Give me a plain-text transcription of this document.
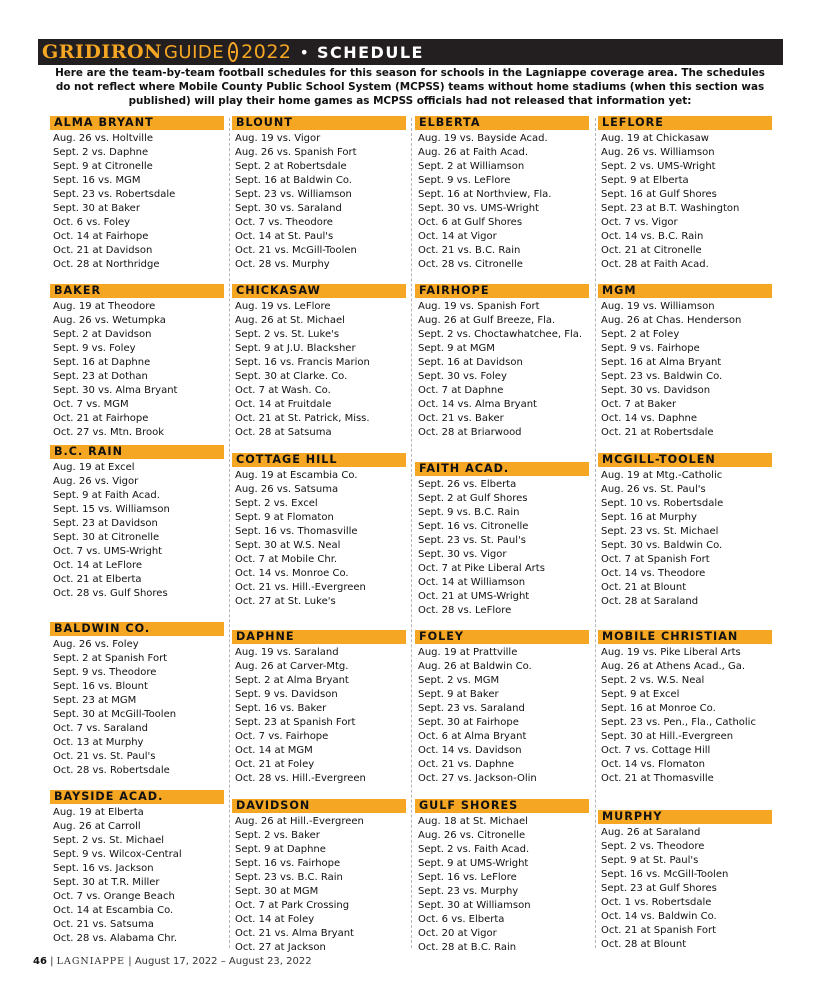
GRIDIRON GUIDE 2022 • SCHEDULE
Here are the team-by-team football schedules for this season for schools in the Lagniappe coverage area. The schedules do not reflect where Mobile County Public School System (MCPSS) teams without home stadiums (when this section was published) will play their home games as MCPSS officials had not released that information yet:
ALMA BRYANT
Aug. 26 vs. Holtville
Sept. 2 vs. Daphne
Sept. 9 at Citronelle
Sept. 16 vs. MGM
Sept. 23 vs. Robertsdale
Sept. 30 at Baker
Oct. 6 vs. Foley
Oct. 14 at Fairhope
Oct. 21 at Davidson
Oct. 28 at Northridge
BAKER
Aug. 19 at Theodore
Aug. 26 vs. Wetumpka
Sept. 2 at Davidson
Sept. 9 vs. Foley
Sept. 16 at Daphne
Sept. 23 at Dothan
Sept. 30 vs. Alma Bryant
Oct. 7 vs. MGM
Oct. 21 at Fairhope
Oct. 27 vs. Mtn. Brook
B.C. RAIN
Aug. 19 at Excel
Aug. 26 vs. Vigor
Sept. 9 at Faith Acad.
Sept. 15 vs. Williamson
Sept. 23 at Davidson
Sept. 30 at Citronelle
Oct. 7 vs. UMS-Wright
Oct. 14 at LeFlore
Oct. 21 at Elberta
Oct. 28 vs. Gulf Shores
BALDWIN CO.
Aug. 26 vs. Foley
Sept. 2 at Spanish Fort
Sept. 9 vs. Theodore
Sept. 16 vs. Blount
Sept. 23 at MGM
Sept. 30 at McGill-Toolen
Oct. 7 vs. Saraland
Oct. 13 at Murphy
Oct. 21 vs. St. Paul's
Oct. 28 vs. Robertsdale
BAYSIDE ACAD.
Aug. 19 at Elberta
Aug. 26 at Carroll
Sept. 2 vs. St. Michael
Sept. 9 vs. Wilcox-Central
Sept. 16 vs. Jackson
Sept. 30 at T.R. Miller
Oct. 7 vs. Orange Beach
Oct. 14 at Escambia Co.
Oct. 21 vs. Satsuma
Oct. 28 vs. Alabama Chr.
BLOUNT
Aug. 19 vs. Vigor
Aug. 26 vs. Spanish Fort
Sept. 2 at Robertsdale
Sept. 16 at Baldwin Co.
Sept. 23 vs. Williamson
Sept. 30 vs. Saraland
Oct. 7 vs. Theodore
Oct. 14 at St. Paul's
Oct. 21 vs. McGill-Toolen
Oct. 28 vs. Murphy
CHICKASAW
Aug. 19 vs. LeFlore
Aug. 26 at St. Michael
Sept. 2 vs. St. Luke's
Sept. 9 at J.U. Blacksher
Sept. 16 vs. Francis Marion
Sept. 30 at Clarke. Co.
Oct. 7 at Wash. Co.
Oct. 14 at Fruitdale
Oct. 21 at St. Patrick, Miss.
Oct. 28 at Satsuma
COTTAGE HILL
Aug. 19 at Escambia Co.
Aug. 26 vs. Satsuma
Sept. 2 vs. Excel
Sept. 9 at Flomaton
Sept. 16 vs. Thomasville
Sept. 30 at W.S. Neal
Oct. 7 at Mobile Chr.
Oct. 14 vs. Monroe Co.
Oct. 21 vs. Hill.-Evergreen
Oct. 27 at St. Luke's
DAPHNE
Aug. 19 vs. Saraland
Aug. 26 at Carver-Mtg.
Sept. 2 at Alma Bryant
Sept. 9 vs. Davidson
Sept. 16 vs. Baker
Sept. 23 at Spanish Fort
Oct. 7 vs. Fairhope
Oct. 14 at MGM
Oct. 21 at Foley
Oct. 28 vs. Hill.-Evergreen
DAVIDSON
Aug. 26 at Hill.-Evergreen
Sept. 2 vs. Baker
Sept. 9 at Daphne
Sept. 16 vs. Fairhope
Sept. 23 vs. B.C. Rain
Sept. 30 at MGM
Oct. 7 at Park Crossing
Oct. 14 at Foley
Oct. 21 vs. Alma Bryant
Oct. 27 at Jackson
ELBERTA
Aug. 19 vs. Bayside Acad.
Aug. 26 at Faith Acad.
Sept. 2 at Williamson
Sept. 9 vs. LeFlore
Sept. 16 at Northview, Fla.
Sept. 30 vs. UMS-Wright
Oct. 6 at Gulf Shores
Oct. 14 at Vigor
Oct. 21 vs. B.C. Rain
Oct. 28 vs. Citronelle
FAIRHOPE
Aug. 19 vs. Spanish Fort
Aug. 26 at Gulf Breeze, Fla.
Sept. 2 vs. Choctawhatchee, Fla.
Sept. 9 at MGM
Sept. 16 at Davidson
Sept. 30 vs. Foley
Oct. 7 at Daphne
Oct. 14 vs. Alma Bryant
Oct. 21 vs. Baker
Oct. 28 at Briarwood
FAITH ACAD.
Sept. 26 vs. Elberta
Sept. 2 at Gulf Shores
Sept. 9 vs. B.C. Rain
Sept. 16 vs. Citronelle
Sept. 23 vs. St. Paul's
Sept. 30 vs. Vigor
Oct. 7 at Pike Liberal Arts
Oct. 14 at Williamson
Oct. 21 at UMS-Wright
Oct. 28 vs. LeFlore
FOLEY
Aug. 19 at Prattville
Aug. 26 at Baldwin Co.
Sept. 2 vs. MGM
Sept. 9 at Baker
Sept. 23 vs. Saraland
Sept. 30 at Fairhope
Oct. 6 at Alma Bryant
Oct. 14 vs. Davidson
Oct. 21 vs. Daphne
Oct. 27 vs. Jackson-Olin
GULF SHORES
Aug. 18 at St. Michael
Aug. 26 vs. Citronelle
Sept. 2 vs. Faith Acad.
Sept. 9 at UMS-Wright
Sept. 16 vs. LeFlore
Sept. 23 vs. Murphy
Sept. 30 at Williamson
Oct. 6 vs. Elberta
Oct. 20 at Vigor
Oct. 28 at B.C. Rain
LEFLORE
Aug. 19 at Chickasaw
Aug. 26 vs. Williamson
Sept. 2 vs. UMS-Wright
Sept. 9 at Elberta
Sept. 16 at Gulf Shores
Sept. 23 at B.T. Washington
Oct. 7 vs. Vigor
Oct. 14 vs. B.C. Rain
Oct. 21 at Citronelle
Oct. 28 at Faith Acad.
MGM
Aug. 19 vs. Williamson
Aug. 26 at Chas. Henderson
Sept. 2 at Foley
Sept. 9 vs. Fairhope
Sept. 16 at Alma Bryant
Sept. 23 vs. Baldwin Co.
Sept. 30 vs. Davidson
Oct. 7 at Baker
Oct. 14 vs. Daphne
Oct. 21 at Robertsdale
MCGILL-TOOLEN
Aug. 19 at Mtg.-Catholic
Aug. 26 vs. St. Paul's
Sept. 10 vs. Robertsdale
Sept. 16 at Murphy
Sept. 23 vs. St. Michael
Sept. 30 vs. Baldwin Co.
Oct. 7 at Spanish Fort
Oct. 14 vs. Theodore
Oct. 21 at Blount
Oct. 28 at Saraland
MOBILE CHRISTIAN
Aug. 19 vs. Pike Liberal Arts
Aug. 26 at Athens Acad., Ga.
Sept. 2 vs. W.S. Neal
Sept. 9 at Excel
Sept. 16 at Monroe Co.
Sept. 23 vs. Pen., Fla., Catholic
Sept. 30 at Hill.-Evergreen
Oct. 7 vs. Cottage Hill
Oct. 14 vs. Flomaton
Oct. 21 at Thomasville
MURPHY
Aug. 26 at Saraland
Sept. 2 vs. Theodore
Sept. 9 at St. Paul's
Sept. 16 vs. McGill-Toolen
Sept. 23 at Gulf Shores
Oct. 1 vs. Robertsdale
Oct. 14 vs. Baldwin Co.
Oct. 21 at Spanish Fort
Oct. 28 at Blount
46 | LAGNIAPPE | August 17, 2022 – August 23, 2022
